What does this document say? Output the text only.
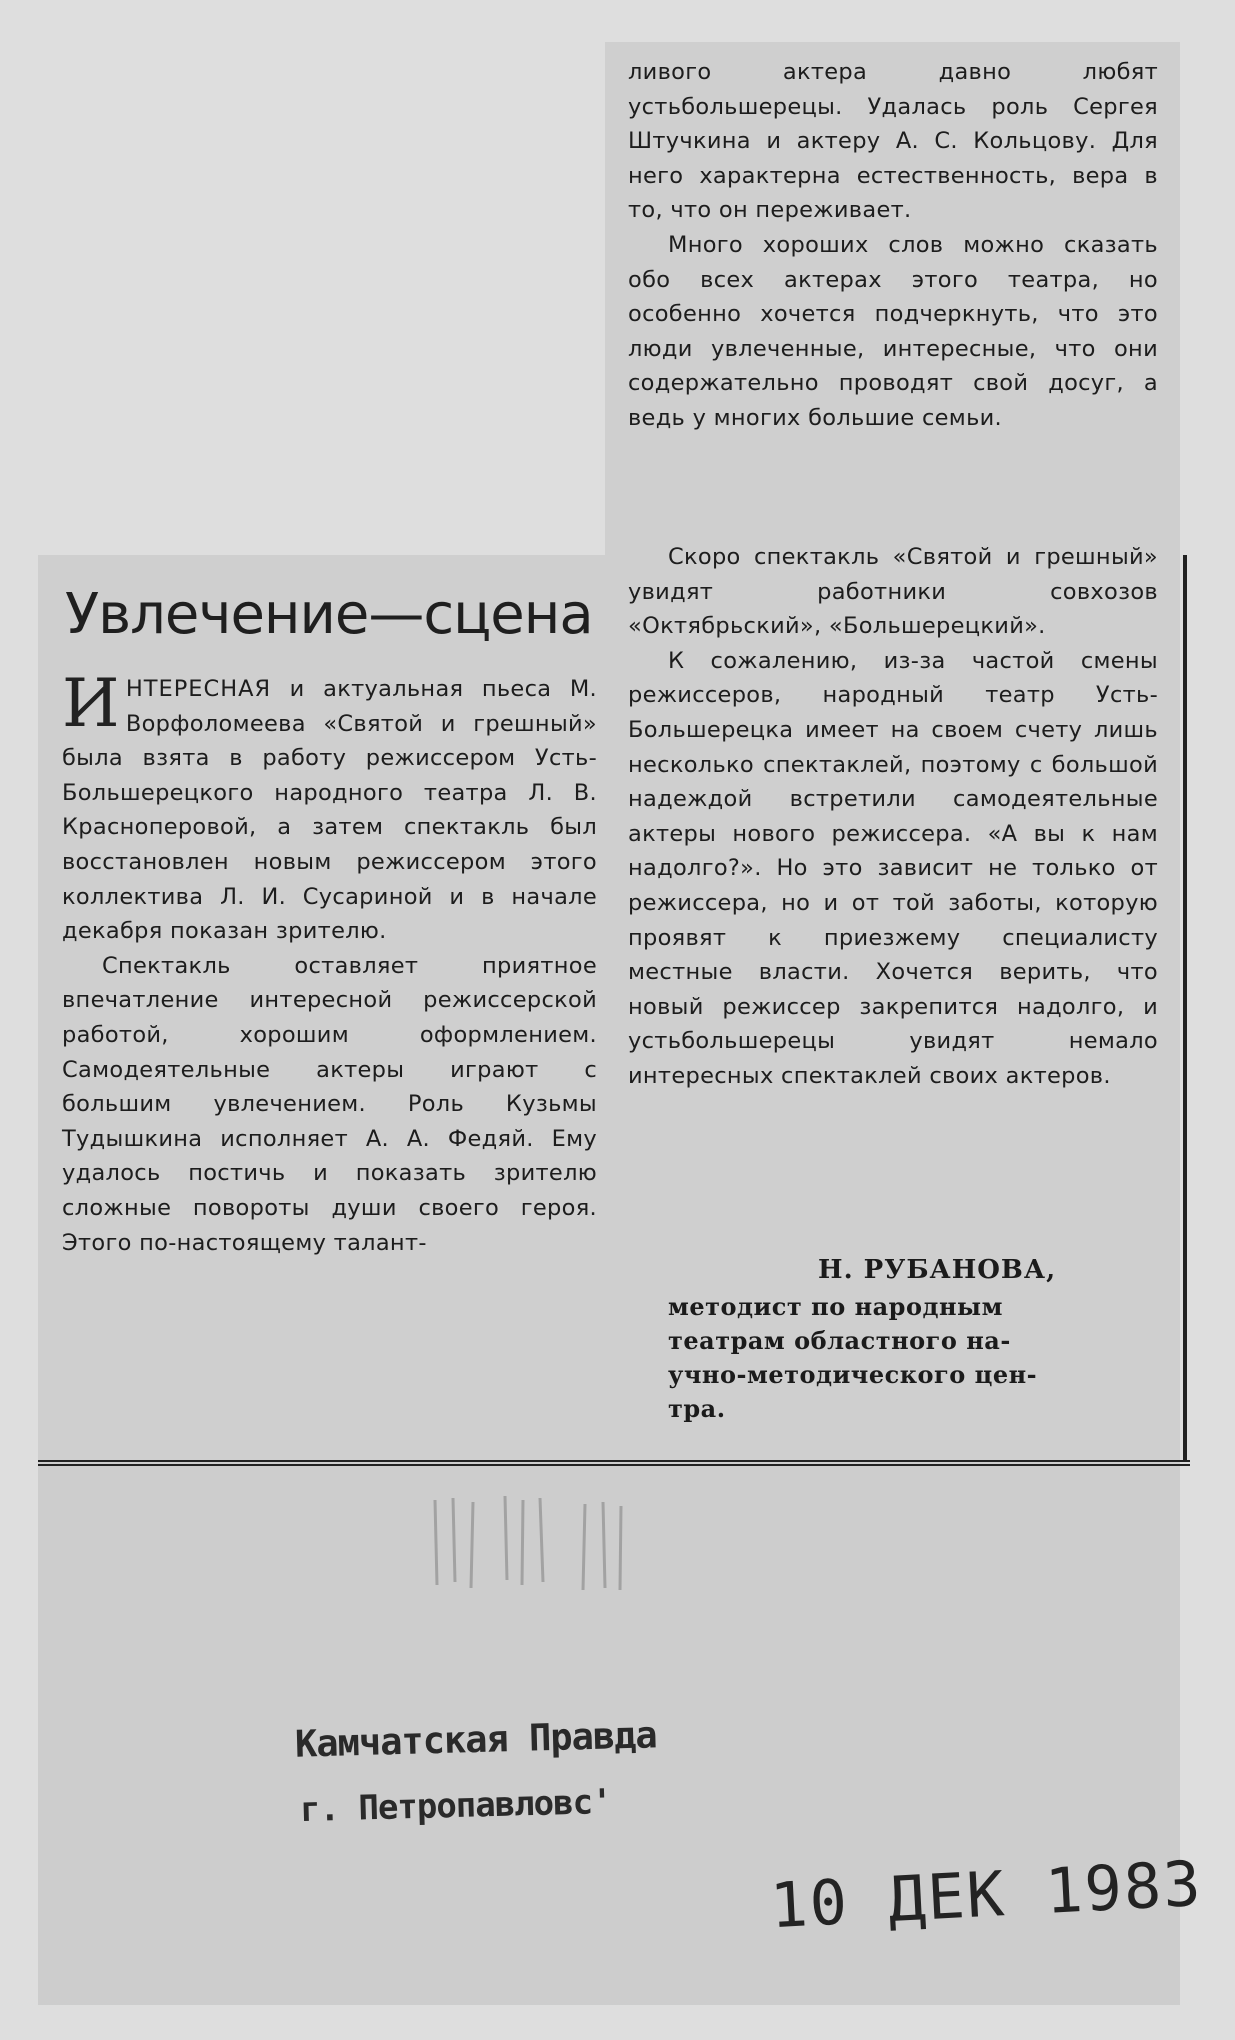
Увлечение—сцена

ИНТЕРЕСНАЯ и актуальная пьеса М. Ворфоломеева «Святой и грешный» была взята в работу режиссером Усть-Большерецкого народного театра Л. В. Красноперовой, а затем спектакль был восстановлен новым режиссером этого коллектива Л. И. Сусариной и в начале декабря показан зрителю.

Спектакль оставляет приятное впечатление интересной режиссерской работой, хорошим оформлением. Самодеятельные актеры играют с большим увлечением. Роль Кузьмы Тудышкина исполняет А. А. Федяй. Ему удалось постичь и показать зрителю сложные повороты души своего героя. Этого по-настоящему талант-

ливого актера давно любят устьбольшерецы. Удалась роль Сергея Штучкина и актеру А. С. Кольцову. Для него характерна естественность, вера в то, что он переживает.

Много хороших слов можно сказать обо всех актерах этого театра, но особенно хочется подчеркнуть, что это люди увлеченные, интересные, что они содержательно проводят свой досуг, а ведь у многих большие семьи.

Скоро спектакль «Святой и грешный» увидят работники совхозов «Октябрьский», «Большерецкий».

К сожалению, из-за частой смены режиссеров, народный театр Усть-Большерецка имеет на своем счету лишь несколько спектаклей, поэтому с большой надеждой встретили самодеятельные актеры нового режиссера. «А вы к нам надолго?». Но это зависит не только от режиссера, но и от той заботы, которую проявят к приезжему специалисту местные власти. Хочется верить, что новый режиссер закрепится надолго, и устьбольшерецы увидят немало интересных спектаклей своих актеров.

Н. РУБАНОВА,
методист по народным
театрам областного на-
учно-методического цен-
тра.
Камчатская Правда
г. Петропавловс'
10 ДЕК 1983
